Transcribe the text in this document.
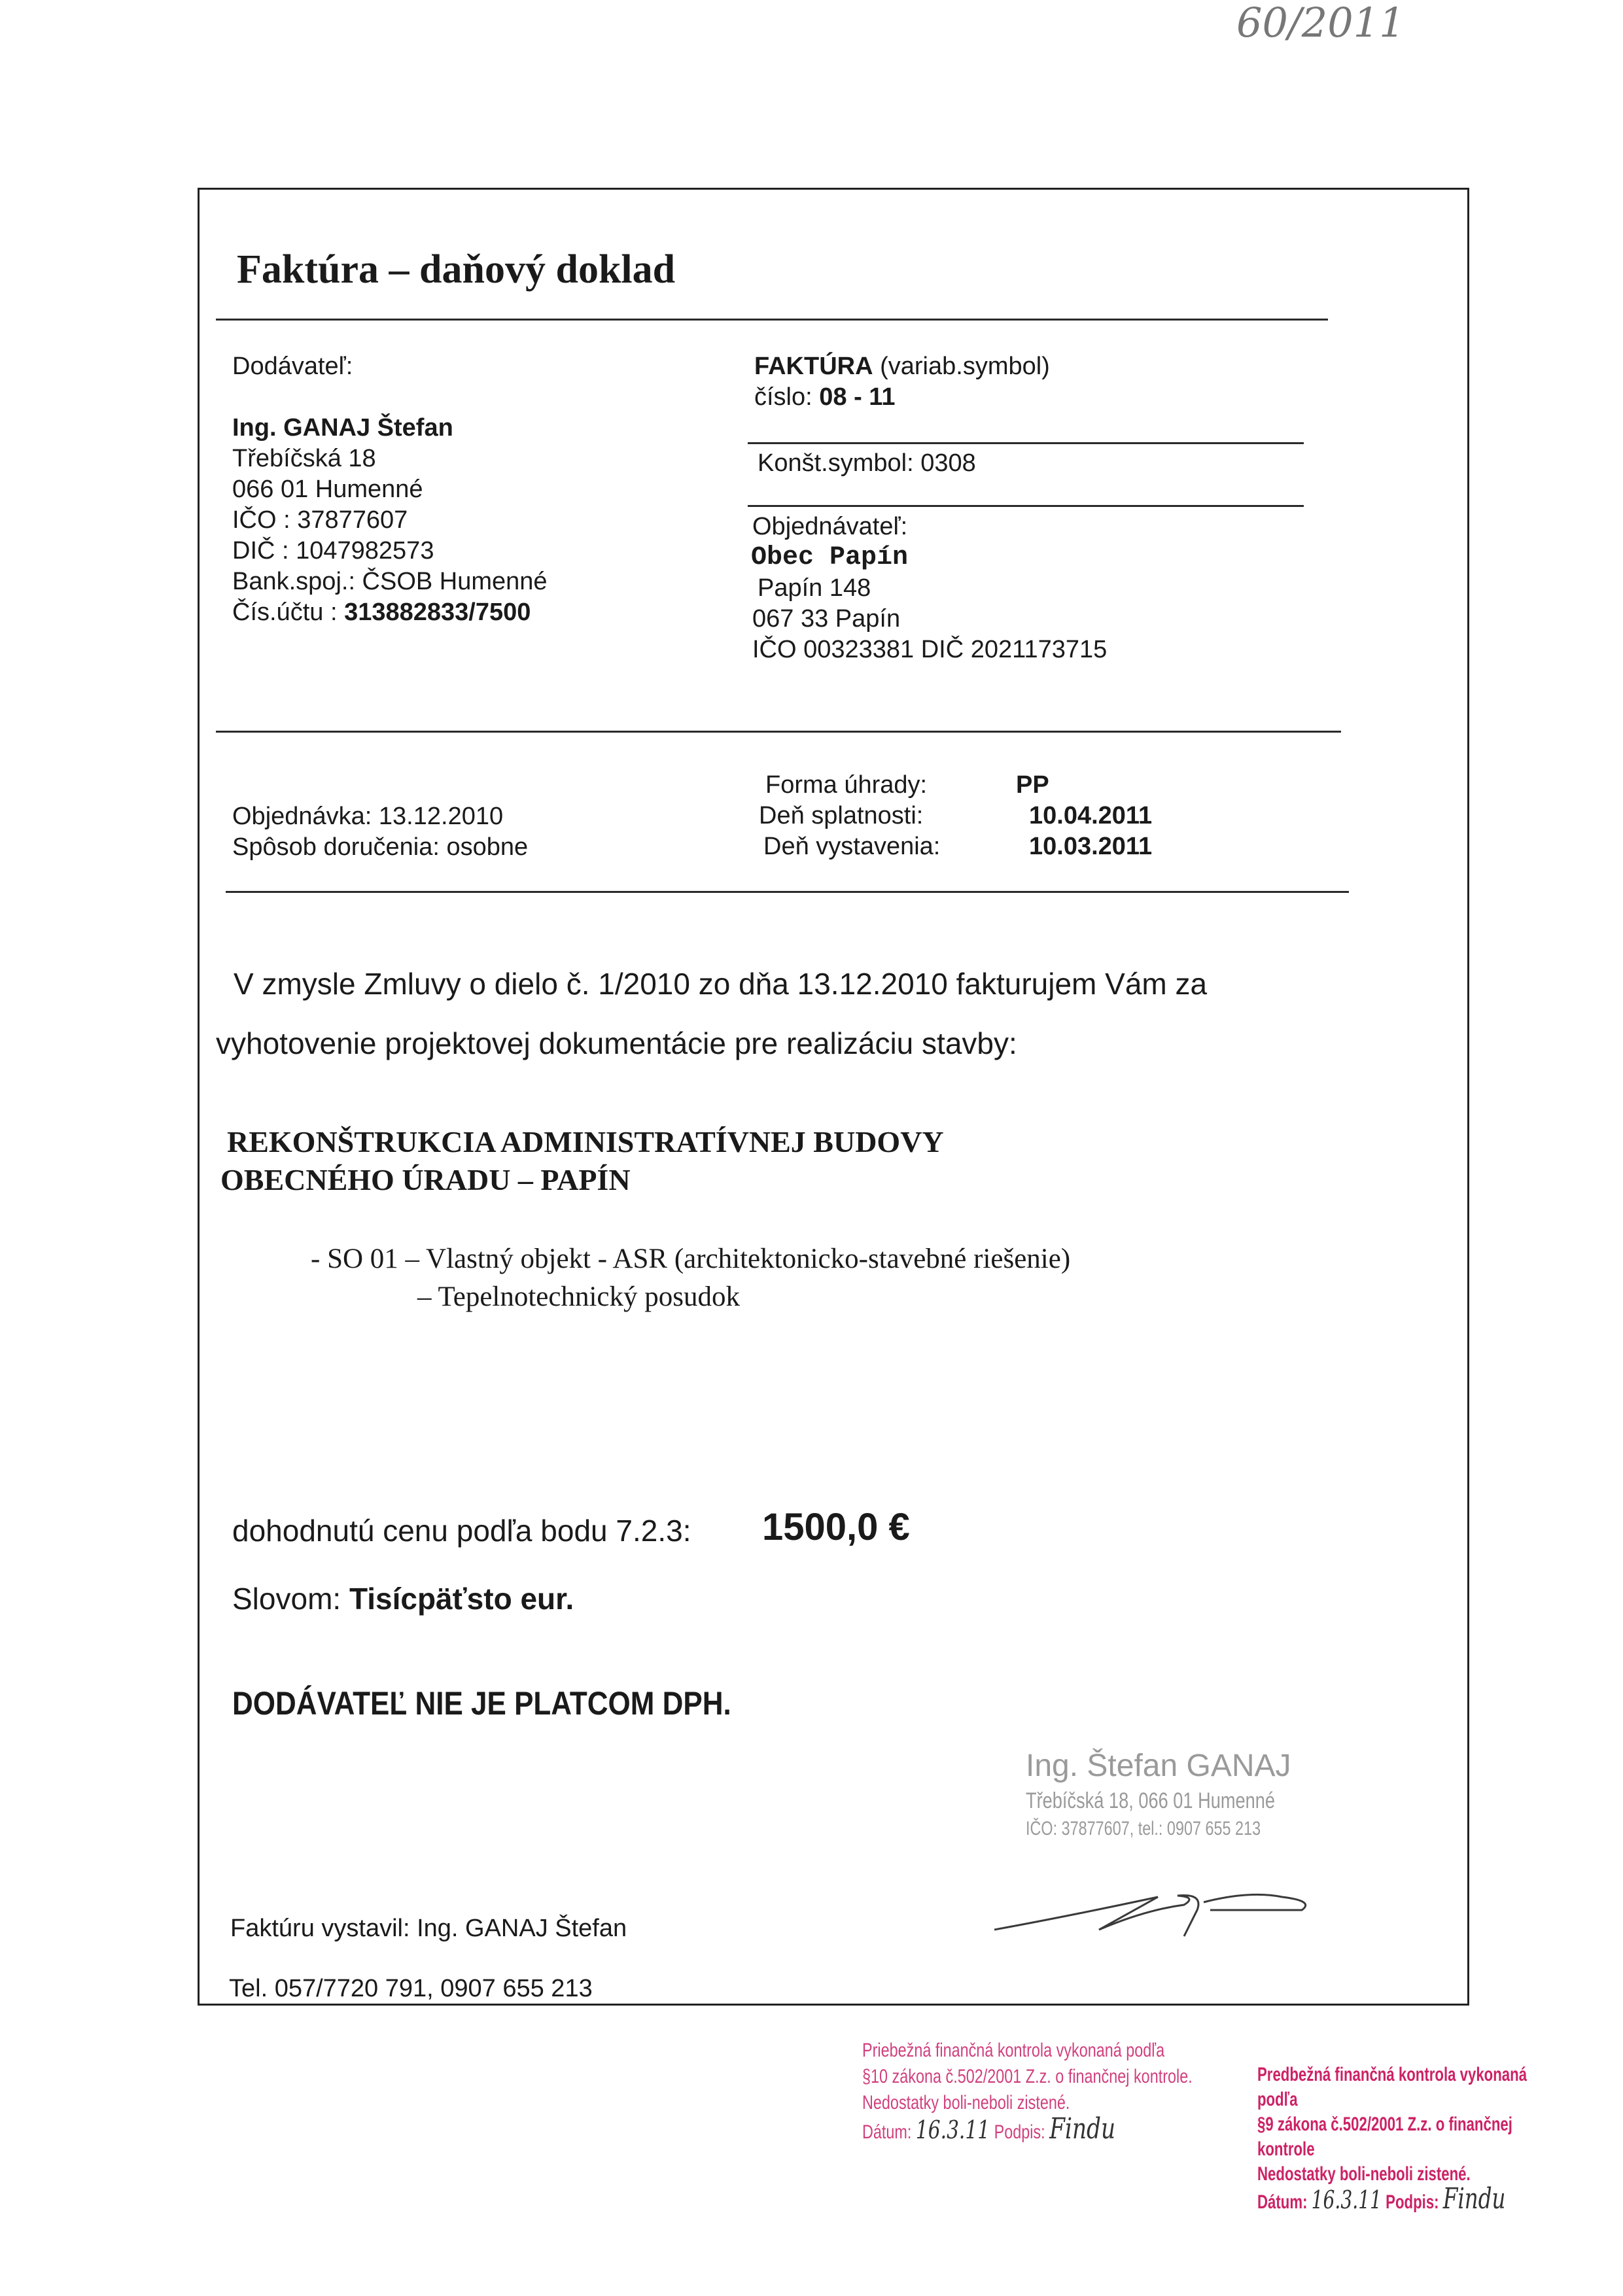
60/2011
Faktúra – daňový doklad
Dodávateľ:
Ing. GANAJ Štefan
Třebíčská 18
066 01 Humenné
IČO : 37877607
DIČ : 1047982573
Bank.spoj.: ČSOB Humenné
Čís.účtu : 313882833/7500
FAKTÚRA (variab.symbol)
číslo: 08 - 11
Konšt.symbol: 0308
Objednávateľ:
Obec Papín
Papín 148
067 33 Papín
IČO 00323381 DIČ 2021173715
Objednávka: 13.12.2010
Spôsob doručenia: osobne
Forma úhrady:
Deň splatnosti:
Deň vystavenia:
PP
10.04.2011
10.03.2011
V zmysle Zmluvy o dielo č. 1/2010 zo dňa 13.12.2010 fakturujem Vám za
vyhotovenie projektovej dokumentácie pre realizáciu stavby:
REKONŠTRUKCIA ADMINISTRATÍVNEJ BUDOVY
OBECNÉHO ÚRADU – PAPÍN
- SO 01 – Vlastný objekt - ASR (architektonicko-stavebné riešenie)
– Tepelnotechnický posudok
dohodnutú cenu podľa bodu 7.2.3: 1500,0 €
Slovom: Tisícpäťsto eur.
DODÁVATEĽ NIE JE PLATCOM DPH.
Ing. Štefan GANAJ
Třebíčská 18, 066 01 Humenné
IČO: 37877607, tel.: 0907 655 213
Faktúru vystavil: Ing. GANAJ Štefan
Tel. 057/7720 791, 0907 655 213
Priebežná finančná kontrola vykonaná podľa
§10 zákona č.502/2001 Z.z. o finančnej kontrole.
Nedostatky boli-neboli zistené.
Dátum: 16.3.11 Podpis: Findu
Predbežná finančná kontrola vykonaná podľa
§9 zákona č.502/2001 Z.z. o finančnej kontrole
Nedostatky boli-neboli zistené.
Dátum: 16.3.11 Podpis: Findu
